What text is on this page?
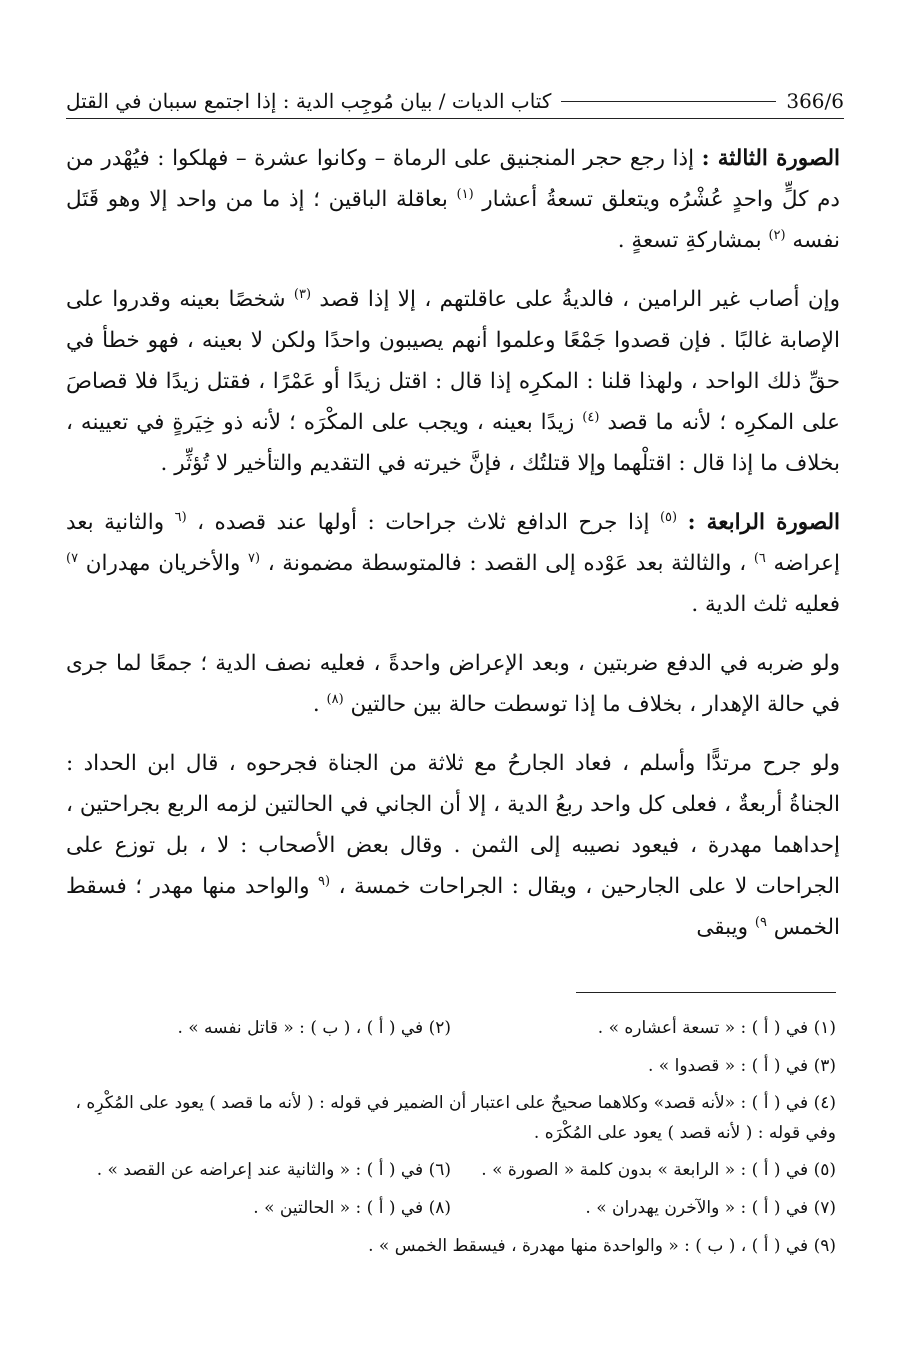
366/6
كتاب الديات / بيان مُوجِب الدية : إذا اجتمع سببان في القتل

الصورة الثالثة : إذا رجع حجر المنجنيق على الرماة – وكانوا عشرة – فهلكوا : فيُهْدر من دم كلٍّ واحدٍ عُشْرُه ويتعلق تسعةُ أعشار $^{(١)}$ بعاقلة الباقين ؛ إذ ما من واحد إلا وهو قَتَل نفسه $^{(٢)}$ بمشاركةِ تسعةٍ .

وإن أصاب غير الرامين ، فالديةُ على عاقلتهم ، إلا إذا قصد $^{(٣)}$ شخصًا بعينه وقدروا على الإصابة غالبًا . فإن قصدوا جَمْعًا وعلموا أنهم يصيبون واحدًا ولكن لا بعينه ، فهو خطأ في حقِّ ذلك الواحد ، ولهذا قلنا : المكرِه إذا قال : اقتل زيدًا أو عَمْرًا ، فقتل زيدًا فلا قصاصَ على المكرِه ؛ لأنه ما قصد $^{(٤)}$ زيدًا بعينه ، ويجب على المكْرَه ؛ لأنه ذو خِيَرةٍ في تعيينه ، بخلاف ما إذا قال : اقتلْهما وإلا قتلتُك ، فإنَّ خيرته في التقديم والتأخير لا تُؤثِّر .

الصورة الرابعة : $^{(٥)}$ إذا جرح الدافع ثلاث جراحات : أولها عند قصده ، $^{(٦}$ والثانية بعد إعراضه $^{٦)}$ ، والثالثة بعد عَوْده إلى القصد : فالمتوسطة مضمونة ، $^{(٧}$ والأخريان مهدران $^{٧)}$ فعليه ثلث الدية .

ولو ضربه في الدفع ضربتين ، وبعد الإعراض واحدةً ، فعليه نصف الدية ؛ جمعًا لما جرى في حالة الإهدار ، بخلاف ما إذا توسطت حالة بين حالتين $^{(٨)}$ .

ولو جرح مرتدًّا وأسلم ، فعاد الجارحُ مع ثلاثة من الجناة فجرحوه ، قال ابن الحداد : الجناةُ أربعةٌ ، فعلى كل واحد ربعُ الدية ، إلا أن الجاني في الحالتين لزمه الربع بجراحتين ، إحداهما مهدرة ، فيعود نصيبه إلى الثمن . وقال بعض الأصحاب : لا ، بل توزع على الجراحات لا على الجارحين ، ويقال : الجراحات خمسة ، $^{(٩}$ والواحد منها مهدر ؛ فسقط الخمس $^{٩)}$ ويبقى

(١) في ( أ ) : « تسعة أعشاره » .
(٢) في ( أ ) ، ( ب ) : « قاتل نفسه » .
(٣) في ( أ ) : « قصدوا » .
(٤) في ( أ ) : «لأنه قصد» وكلاهما صحيحٌ على اعتبار أن الضمير في قوله : ( لأنه ما قصد ) يعود على المُكْرِه ، وفي قوله : ( لأنه قصد ) يعود على المُكْرَه .
(٥) في ( أ ) : « الرابعة » بدون كلمة « الصورة » .
(٦) في ( أ ) : « والثانية عند إعراضه عن القصد » .
(٧) في ( أ ) : « والآخرن يهدران » .
(٨) في ( أ ) : « الحالتين » .
(٩) في ( أ ) ، ( ب ) : « والواحدة منها مهدرة ، فيسقط الخمس » .
